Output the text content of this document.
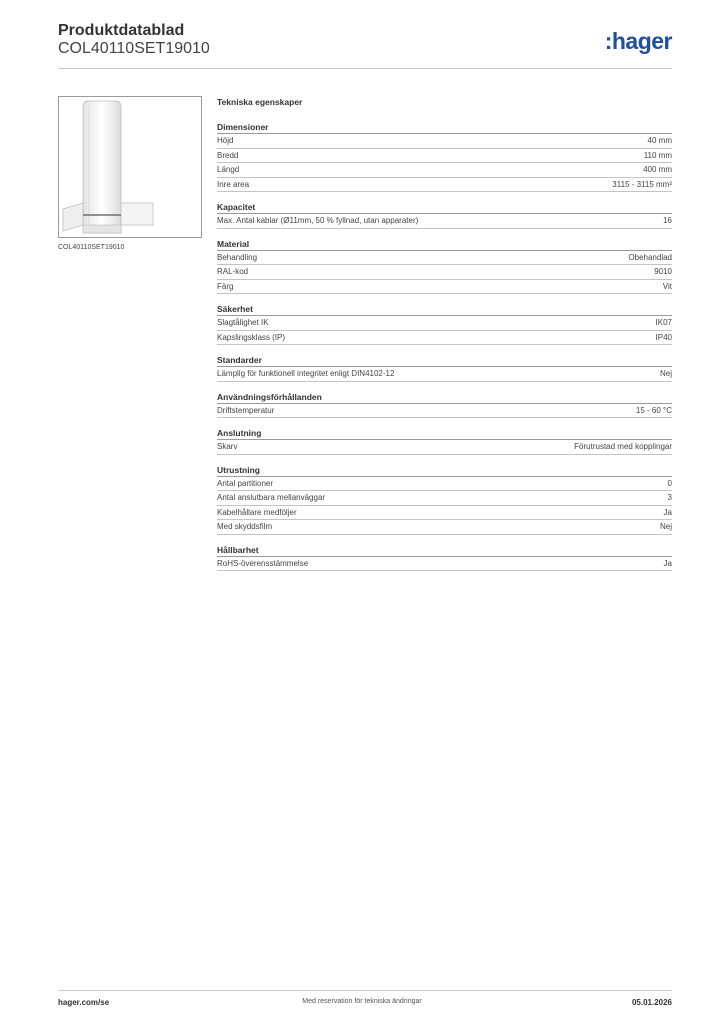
Produktdatablad
COL40110SET19010	:hager
COL40110SET19010
Tekniska egenskaper
Dimensioner
Höjd	40 mm
Bredd	110 mm
Längd	400 mm
Inre area	3115 - 3115 mm²
Kapacitet
Max. Antal kablar (Ø11mm, 50 % fyllnad, utan apparater)	16
Material
Behandling	Obehandlad
RAL-kod	9010
Färg	Vit
Säkerhet
Slagtålighet IK	IK07
Kapslingsklass (IP)	IP40
Standarder
Lämplig för funktionell integritet enligt DIN4102-12	Nej
Användningsförhållanden
Driftstemperatur	15 - 60 °C
Anslutning
Skarv	Förutrustad med kopplingar
Utrustning
Antal partitioner	0
Antal anslutbara mellanväggar	3
Kabelhållare medföljer	Ja
Med skyddsfilm	Nej
Hållbarhet
RoHS-överensstämmelse	Ja
hager.com/se	Med reservation för tekniska ändringar	05.01.2026
